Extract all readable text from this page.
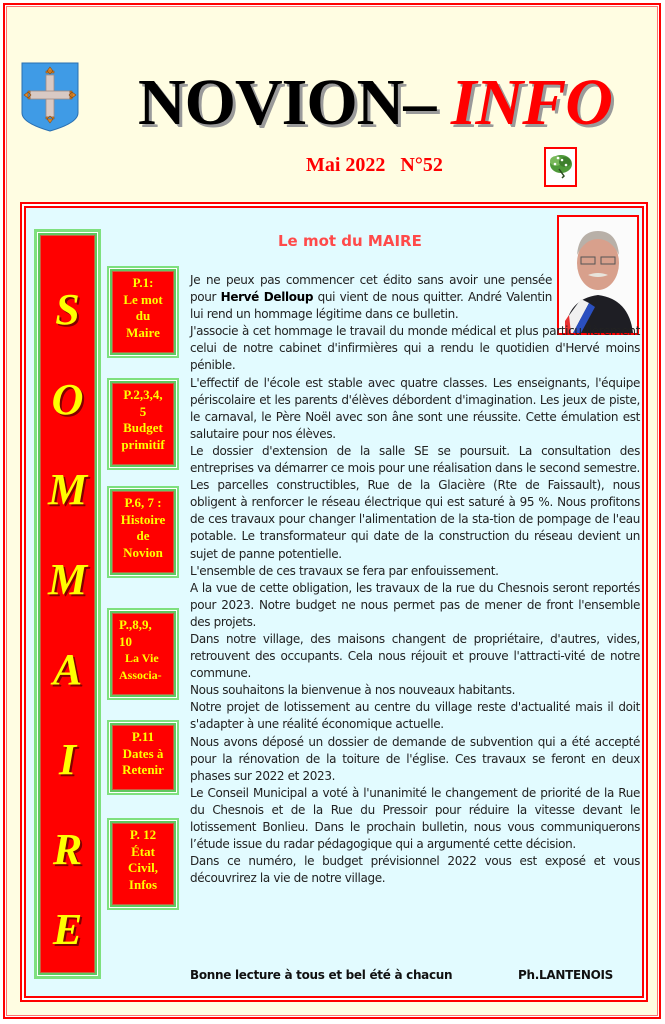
NOVION– INFO
Mai 2022   N°52
S
O
M
M
A
I
R
E
P.1:
Le mot
du
Maire
P.2,3,4,
5
Budget
primitif
P.6, 7 :
Histoire
de
Novion
P.,8,9,
10
La Vie
Associa-
P.11
Dates à
Retenir
P. 12
État
Civil,
Infos
Le mot du MAIRE

Je ne peux pas commencer cet édito sans avoir une pensée pour Hervé Delloup qui vient de nous quitter. André Valentin lui rend un hommage légitime dans ce bulletin.

J'associe à cet hommage le travail du monde médical et plus particu-lièrement celui de notre cabinet d'infirmières qui a rendu le quotidien d'Hervé moins pénible.

L'effectif de l'école est stable avec quatre classes. Les enseignants, l'équipe périscolaire et les parents d'élèves débordent d'imagination. Les jeux de piste, le carnaval, le Père Noël avec son âne sont une réussite. Cette émulation est salutaire pour nos élèves.

Le dossier d'extension de la salle SE se poursuit. La consultation des entreprises va démarrer ce mois pour une réalisation dans le second semestre.

Les parcelles constructibles, Rue de la Glacière (Rte de Faissault), nous obligent à renforcer le réseau électrique qui est saturé à 95 %. Nous profitons de ces travaux pour changer l'alimentation de la sta-tion de pompage de l'eau potable. Le transformateur qui date de la construction du réseau devient un sujet de panne potentielle.

L'ensemble de ces travaux se fera par enfouissement.

A la vue de cette obligation, les travaux de la rue du Chesnois seront reportés pour 2023. Notre budget ne nous permet pas de mener de front l'ensemble des projets.

Dans notre village, des maisons changent de propriétaire, d'autres, vides, retrouvent des occupants. Cela nous réjouit et prouve l'attracti-vité de notre commune.

Nous souhaitons la bienvenue à nos nouveaux habitants.

Notre projet de lotissement au centre du village reste d'actualité mais il doit s'adapter à une réalité économique actuelle.

Nous avons déposé un dossier de demande de subvention qui a été accepté pour la rénovation de la toiture de l'église. Ces travaux se feront en deux phases sur 2022 et 2023.

Le Conseil Municipal a voté à l'unanimité le changement de priorité de la Rue du Chesnois et de la Rue du Pressoir pour réduire la vitesse devant le lotissement Bonlieu. Dans le prochain bulletin, nous vous communiquerons l’étude issue du radar pédagogique qui a argumenté cette décision.

Dans ce numéro, le budget prévisionnel 2022 vous est exposé et vous découvrirez la vie de notre village.

Bonne lecture à tous et bel été à chacun	Ph.LANTENOIS
